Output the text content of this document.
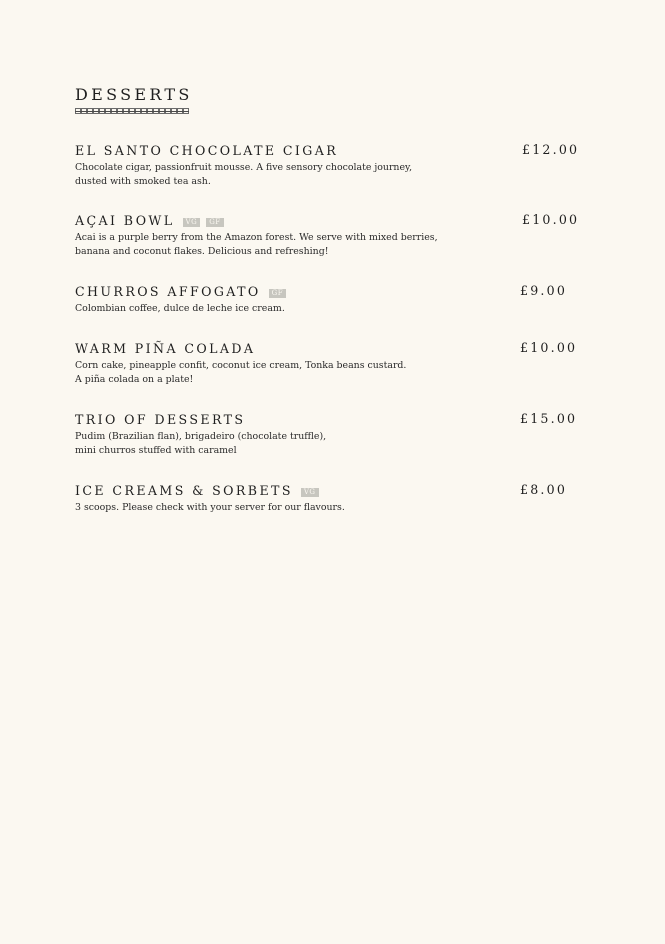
DESSERTS
EL SANTO CHOCOLATE CIGAR	£12.00
Chocolate cigar, passionfruit mousse. A five sensory chocolate journey,
dusted with smoked tea ash.
AÇAI BOWL VG GF	£10.00
Acai is a purple berry from the Amazon forest. We serve with mixed berries,
banana and coconut flakes. Delicious and refreshing!
CHURROS AFFOGATO GF	£9.00
Colombian coffee, dulce de leche ice cream.
WARM PIÑA COLADA	£10.00
Corn cake, pineapple confit, coconut ice cream, Tonka beans custard.
A piña colada on a plate!
TRIO OF DESSERTS	£15.00
Pudim (Brazilian flan), brigadeiro (chocolate truffle),
mini churros stuffed with caramel
ICE CREAMS & SORBETS VG	£8.00
3 scoops. Please check with your server for our flavours.
